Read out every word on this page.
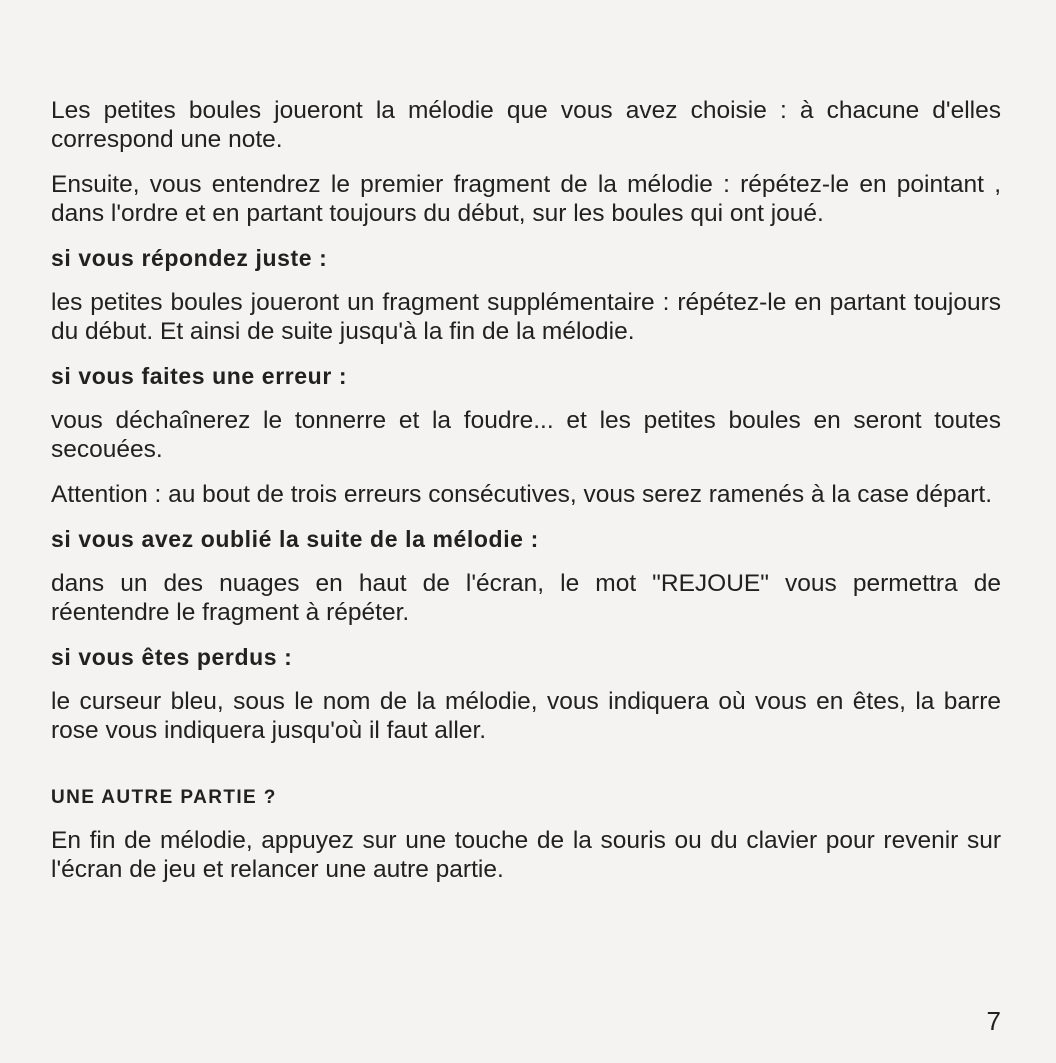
Les petites boules joueront la mélodie que vous avez choisie : à chacune d'elles correspond une note.

Ensuite, vous entendrez le premier fragment de la mélodie : répétez-le en pointant , dans l'ordre et en partant toujours du début, sur les boules qui ont joué.

si vous répondez juste :

les petites boules joueront un fragment supplémentaire : répétez-le en partant toujours du début. Et ainsi de suite jusqu'à la fin de la mélodie.

si vous faites une erreur :

vous déchaînerez le tonnerre et la foudre... et les petites boules en seront toutes secouées.

Attention : au bout de trois erreurs consécutives, vous serez ramenés à la case départ.

si vous avez oublié la suite de la mélodie :

dans un des nuages en haut de l'écran, le mot "REJOUE" vous permettra de réentendre le fragment à répéter.

si vous êtes perdus :

le curseur bleu, sous le nom de la mélodie, vous indiquera où vous en êtes, la barre rose vous indiquera jusqu'où il faut aller.

UNE AUTRE PARTIE ?

En fin de mélodie, appuyez sur une touche de la souris ou du clavier pour revenir sur l'écran de jeu et relancer une autre partie.

7
